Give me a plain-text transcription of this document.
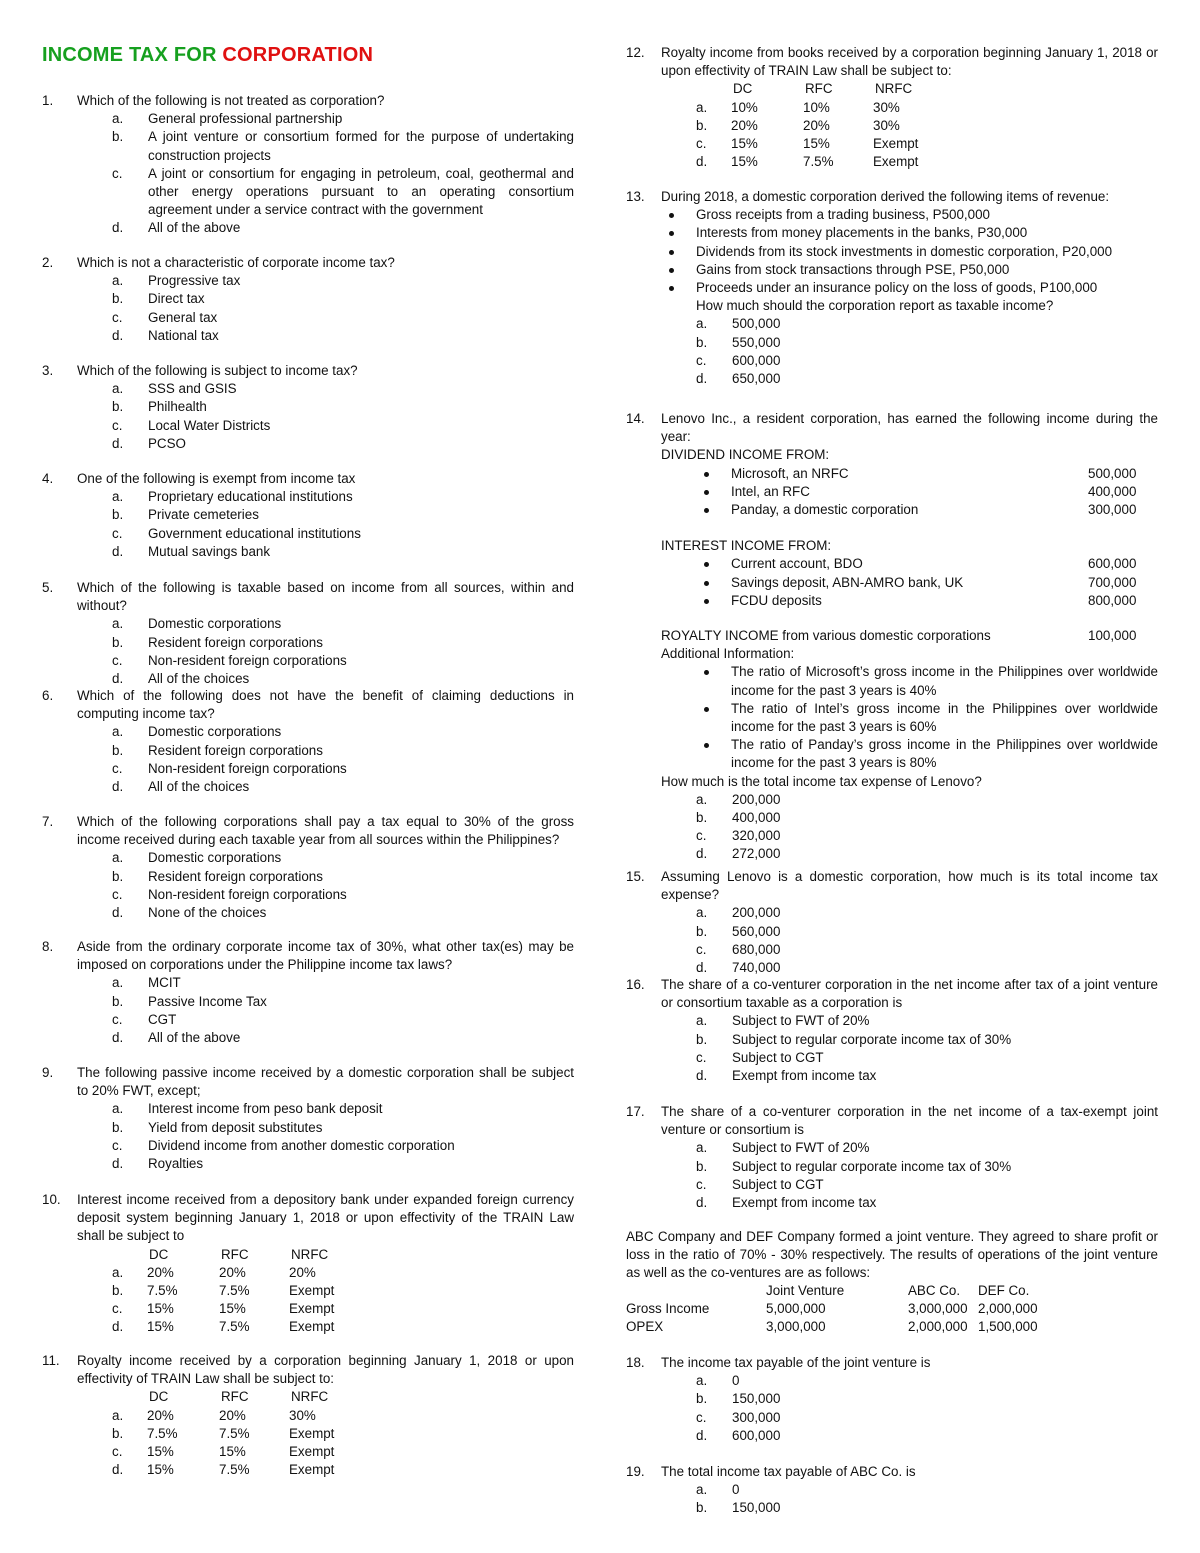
INCOME TAX FOR CORPORATION
1. Which of the following is not treated as corporation?
a.	General professional partnership
b.	A joint venture or consortium formed for the purpose of undertaking construction projects
c.	A joint or consortium for engaging in petroleum, coal, geothermal and other energy operations pursuant to an operating consortium agreement under a service contract with the government
d.	All of the above
2. Which is not a characteristic of corporate income tax?
a.	Progressive tax
b.	Direct tax
c.	General tax
d.	National tax
3. Which of the following is subject to income tax?
a.	SSS and GSIS
b.	Philhealth
c.	Local Water Districts
d.	PCSO
4. One of the following is exempt from income tax
a.	Proprietary educational institutions
b.	Private cemeteries
c.	Government educational institutions
d.	Mutual savings bank
5. Which of the following is taxable based on income from all sources, within and without?
a.	Domestic corporations
b.	Resident foreign corporations
c.	Non-resident foreign corporations
d.	All of the choices
6. Which of the following does not have the benefit of claiming deductions in computing income tax?
a.	Domestic corporations
b.	Resident foreign corporations
c.	Non-resident foreign corporations
d.	All of the choices
7. Which of the following corporations shall pay a tax equal to 30% of the gross income received during each taxable year from all sources within the Philippines?
a.	Domestic corporations
b.	Resident foreign corporations
c.	Non-resident foreign corporations
d.	None of the choices
8. Aside from the ordinary corporate income tax of 30%, what other tax(es) may be imposed on corporations under the Philippine income tax laws?
a.	MCIT
b.	Passive Income Tax
c.	CGT
d.	All of the above
9. The following passive income received by a domestic corporation shall be subject to 20% FWT, except;
a.	Interest income from peso bank deposit
b.	Yield from deposit substitutes
c.	Dividend income from another domestic corporation
d.	Royalties
10. Interest income received from a depository bank under expanded foreign currency deposit system beginning January 1, 2018 or upon effectivity of the TRAIN Law shall be subject to
DC	RFC	NRFC
a.	20%	20%	20%
b.	7.5%	7.5%	Exempt
c.	15%	15%	Exempt
d.	15%	7.5%	Exempt
11. Royalty income received by a corporation beginning January 1, 2018 or upon effectivity of TRAIN Law shall be subject to:
DC	RFC	NRFC
a.	20%	20%	30%
b.	7.5%	7.5%	Exempt
c.	15%	15%	Exempt
d.	15%	7.5%	Exempt
12. Royalty income from books received by a corporation beginning January 1, 2018 or upon effectivity of TRAIN Law shall be subject to:
DC	RFC	NRFC
a.	10%	10%	30%
b.	20%	20%	30%
c.	15%	15%	Exempt
d.	15%	7.5%	Exempt
13. During 2018, a domestic corporation derived the following items of revenue:
Gross receipts from a trading business, P500,000
Interests from money placements in the banks, P30,000
Dividends from its stock investments in domestic corporation, P20,000
Gains from stock transactions through PSE, P50,000
Proceeds under an insurance policy on the loss of goods, P100,000
How much should the corporation report as taxable income?
a.	500,000
b.	550,000
c.	600,000
d.	650,000
14. Lenovo Inc., a resident corporation, has earned the following income during the year:
DIVIDEND INCOME FROM:
Microsoft, an NRFC	500,000
Intel, an RFC	400,000
Panday, a domestic corporation	300,000
INTEREST INCOME FROM:
Current account, BDO	600,000
Savings deposit, ABN-AMRO bank, UK	700,000
FCDU deposits	800,000
ROYALTY INCOME from various domestic corporations	100,000
Additional Information:
The ratio of Microsoft’s gross income in the Philippines over worldwide income for the past 3 years is 40%
The ratio of Intel’s gross income in the Philippines over worldwide income for the past 3 years is 60%
The ratio of Panday’s gross income in the Philippines over worldwide income for the past 3 years is 80%
How much is the total income tax expense of Lenovo?
a.	200,000
b.	400,000
c.	320,000
d.	272,000
15. Assuming Lenovo is a domestic corporation, how much is its total income tax expense?
a.	200,000
b.	560,000
c.	680,000
d.	740,000
16. The share of a co-venturer corporation in the net income after tax of a joint venture or consortium taxable as a corporation is
a.	Subject to FWT of 20%
b.	Subject to regular corporate income tax of 30%
c.	Subject to CGT
d.	Exempt from income tax
17. The share of a co-venturer corporation in the net income of a tax-exempt joint venture or consortium is
a.	Subject to FWT of 20%
b.	Subject to regular corporate income tax of 30%
c.	Subject to CGT
d.	Exempt from income tax
ABC Company and DEF Company formed a joint venture. They agreed to share profit or loss in the ratio of 70% - 30% respectively. The results of operations of the joint venture as well as the co-ventures are as follows:
Joint Venture	ABC Co.	DEF Co.
Gross Income	5,000,000	3,000,000 2,000,000
OPEX	3,000,000	2,000,000 1,500,000
18. The income tax payable of the joint venture is
a.	0
b.	150,000
c.	300,000
d.	600,000
19. The total income tax payable of ABC Co. is
a.	0
b.	150,000
